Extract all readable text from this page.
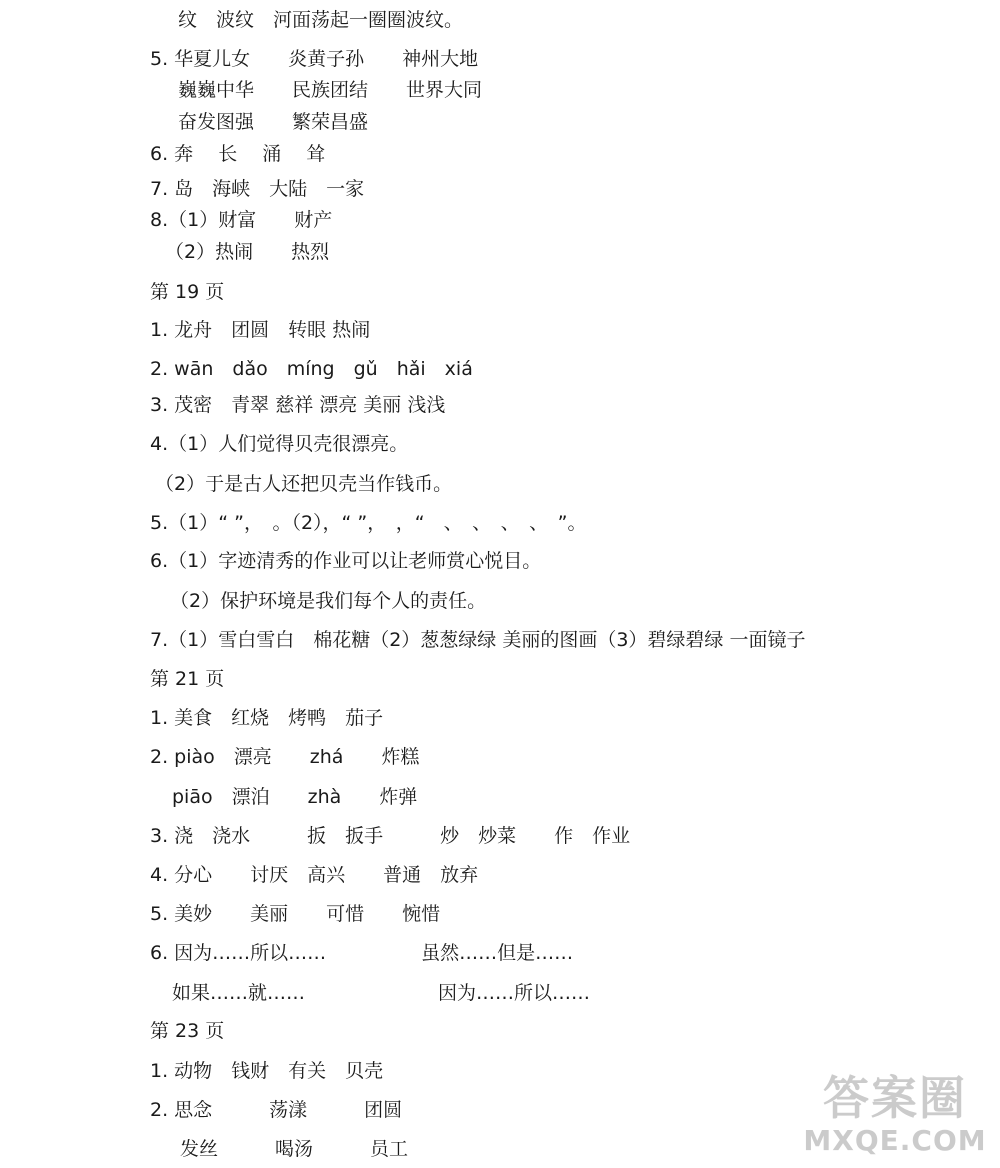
纹　波纹　河面荡起一圈圈波纹。
5. 华夏儿女　　炎黄子孙　　神州大地
巍巍中华　　民族团结　　世界大同
奋发图强　　繁荣昌盛
6. 奔　 长　 涌　 耸
7. 岛　海峡　大陆　一家
8.（1）财富　　财产
（2）热闹　　热烈
第 19 页
1. 龙舟　团圆　转眼 热闹
2. wān　dǎo　míng　gǔ　hǎi　xiá
3. 茂密　青翠 慈祥 漂亮 美丽 浅浅
4.（1）人们觉得贝壳很漂亮。
（2）于是古人还把贝壳当作钱币。
5.（1）“ ”，　。（2），“ ”，　，“　、　、　、　、　”。
6.（1）字迹清秀的作业可以让老师赏心悦目。
（2）保护环境是我们每个人的责任。
7.（1）雪白雪白　棉花糖（2）葱葱绿绿 美丽的图画（3）碧绿碧绿 一面镜子
第 21 页
1. 美食　红烧　烤鸭　茄子
2. piào　漂亮　　zhá　　炸糕
piāo　漂泊　　zhà　　炸弹
3. 浇　浇水　　　扳　扳手　　　炒　炒菜　　作　作业
4. 分心　　讨厌　高兴　　普通　放弃
5. 美妙　　美丽　　可惜　　惋惜
6. 因为……所以……　　　　　虽然……但是……
如果……就……　　　　　　　因为……所以……
第 23 页
1. 动物　钱财　有关　贝壳
2. 思念　　　荡漾　　　团圆
发丝　　　喝汤　　　员工
答案圈
MXQE.COM
